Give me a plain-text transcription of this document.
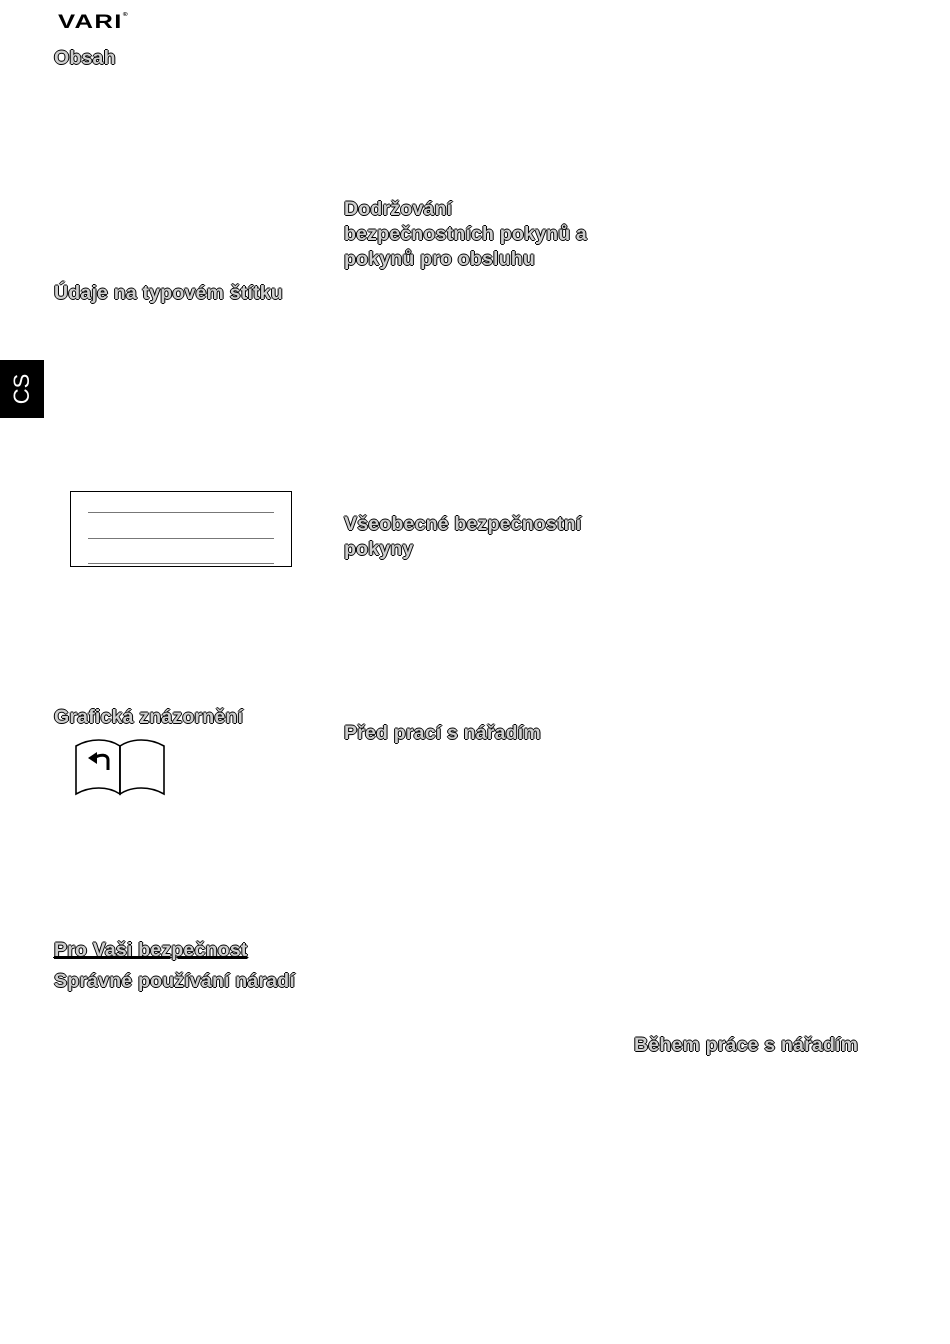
VARI®
Obsah
Dodržování
bezpečnostních pokynů a
pokynů pro obsluhu
Údaje na typovém štítku
CS
Všeobecné bezpečnostní
pokyny
Grafická znázornění
Před prací s nářadím
Pro Vaši bezpečnost
Správné používání náradí
Během práce s nářadím
